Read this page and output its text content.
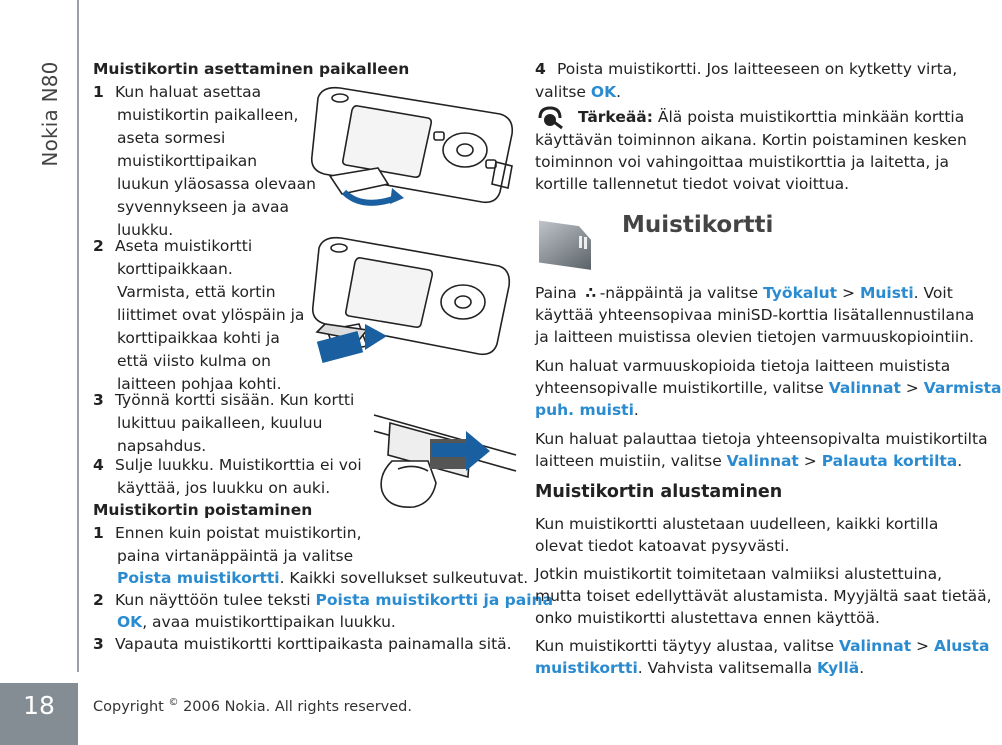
Nokia N80
18
Muistikortin asettaminen paikalleen
1 Kun haluat asettaa
muistikortin paikalleen,
aseta sormesi
muistikorttipaikan
luukun yläosassa olevaan
syvennykseen ja avaa
luukku.
2 Aseta muistikortti
korttipaikkaan.
Varmista, että kortin
liittimet ovat ylöspäin ja
korttipaikkaa kohti ja
että viisto kulma on
laitteen pohjaa kohti.
3 Työnnä kortti sisään. Kun kortti
lukittuu paikalleen, kuuluu
napsahdus.
4 Sulje luukku. Muistikorttia ei voi
käyttää, jos luukku on auki.
Muistikortin poistaminen
1 Ennen kuin poistat muistikortin,
paina virtanäppäintä ja valitse
Poista muistikortti. Kaikki sovellukset sulkeutuvat.
2 Kun näyttöön tulee teksti Poista muistikortti ja paina
OK, avaa muistikorttipaikan luukku.
3 Vapauta muistikortti korttipaikasta painamalla sitä.
4 Poista muistikortti. Jos laitteeseen on kytketty virta,
valitse OK.
Tärkeää: Älä poista muistikorttia minkään korttia
käyttävän toiminnon aikana. Kortin poistaminen kesken
toiminnon voi vahingoittaa muistikorttia ja laitetta, ja
kortille tallennetut tiedot voivat vioittua.
Muistikortti
Paina ∴ -näppäintä ja valitse Työkalut > Muisti. Voit
käyttää yhteensopivaa miniSD-korttia lisätallennustilana
ja laitteen muistissa olevien tietojen varmuuskopiointiin.
Kun haluat varmuuskopioida tietoja laitteen muistista
yhteensopivalle muistikortille, valitse Valinnat > Varmista
puh. muisti.
Kun haluat palauttaa tietoja yhteensopivalta muistikortilta
laitteen muistiin, valitse Valinnat > Palauta kortilta.
Muistikortin alustaminen
Kun muistikortti alustetaan uudelleen, kaikki kortilla
olevat tiedot katoavat pysyvästi.
Jotkin muistikortit toimitetaan valmiiksi alustettuina,
mutta toiset edellyttävät alustamista. Myyjältä saat tietää,
onko muistikortti alustettava ennen käyttöä.
Kun muistikortti täytyy alustaa, valitse Valinnat > Alusta
muistikortti. Vahvista valitsemalla Kyllä.
Copyright © 2006 Nokia. All rights reserved.
